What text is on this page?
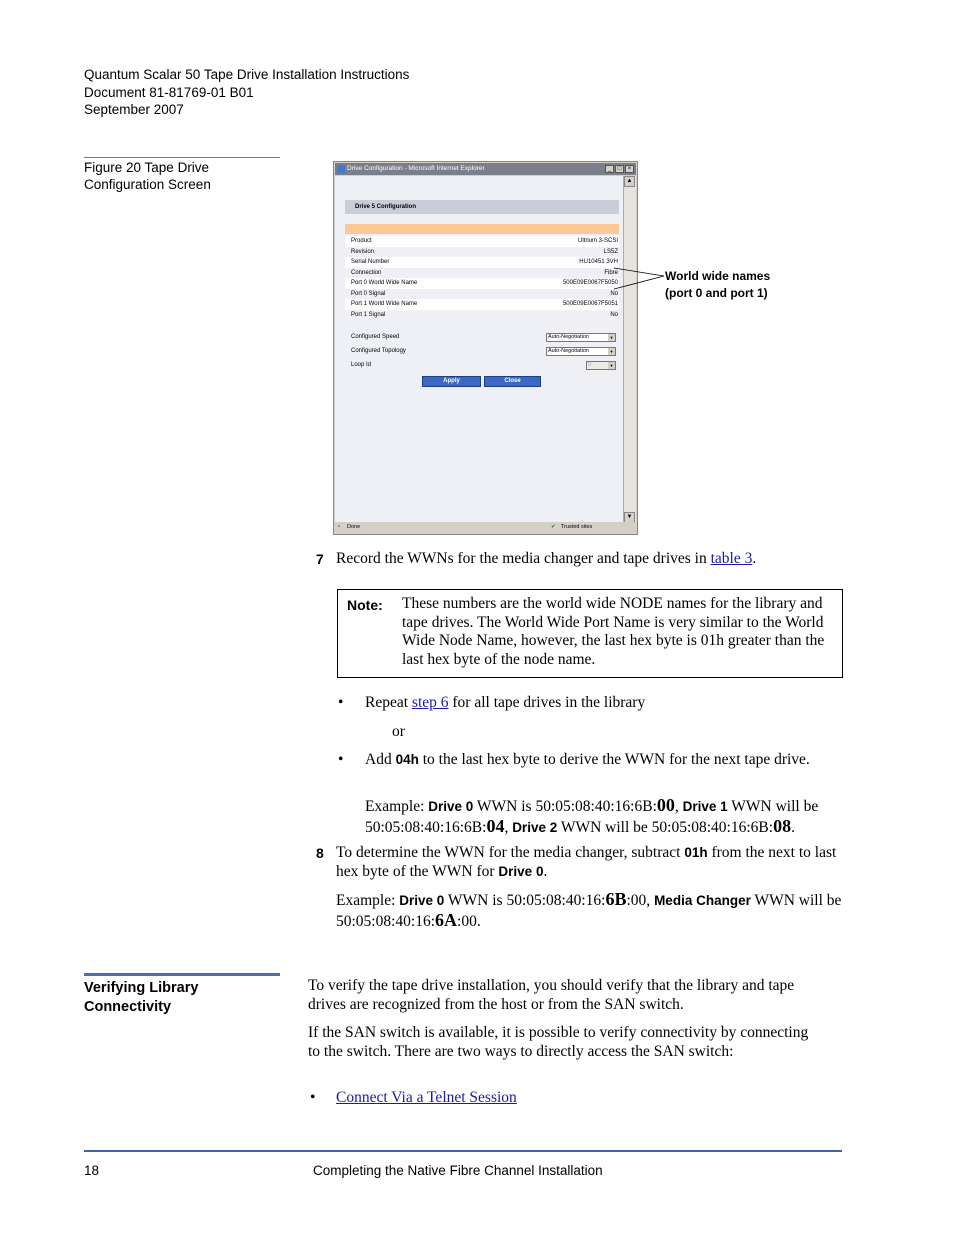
Quantum Scalar 50 Tape Drive Installation Instructions
Document 81-81769-01 B01
September 2007
Figure 20 Tape Drive
Configuration Screen
Drive Configuration - Microsoft Internet Explorer	_	□	×
Drive 5 Configuration
Product	Ultrium 3-SCSI
Revision	LS5Z
Serial Number	HU10451 3VH
Connection	Fibre
Port 0 World Wide Name	500E09E0067F5050
Port 0 Signal	No
Port 1 World Wide Name	500E09E0067F5051
Port 1 Signal	No
Configured Speed	Auto-Negotiation	▼
Configured Topology	Auto-Negotiation	▼
Loop Id	0	▼
Apply	Close
▲
▼
▫ Done	✔ Trusted sites
World wide names
(port 0 and port 1)
7 Record the WWNs for the media changer and tape drives in table 3.
Note: These numbers are the world wide NODE names for the library and tape drives. The World Wide Port Name is very similar to the World Wide Node Name, however, the last hex byte is 01h greater than the last hex byte of the node name.
• Repeat step 6 for all tape drives in the library
or
• Add 04h to the last hex byte to derive the WWN for the next tape drive.
Example: Drive 0 WWN is 50:05:08:40:16:6B:00, Drive 1 WWN will be 50:05:08:40:16:6B:04, Drive 2 WWN will be 50:05:08:40:16:6B:08.
8 To determine the WWN for the media changer, subtract 01h from the next to last hex byte of the WWN for Drive 0.
Example: Drive 0 WWN is 50:05:08:40:16:6B:00, Media Changer WWN will be 50:05:08:40:16:6A:00.
Verifying Library
Connectivity
To verify the tape drive installation, you should verify that the library and tape drives are recognized from the host or from the SAN switch.
If the SAN switch is available, it is possible to verify connectivity by connecting to the switch. There are two ways to directly access the SAN switch:
• Connect Via a Telnet Session
18	Completing the Native Fibre Channel Installation
